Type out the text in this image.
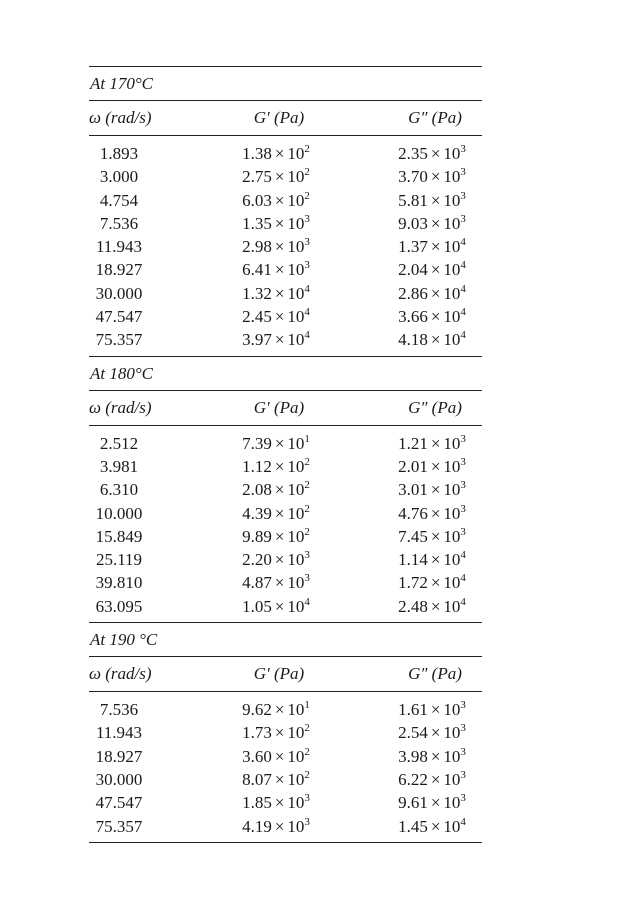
At 170°C
ω (rad/s)	G′ (Pa)	G″ (Pa)
1.893	$1.38 \times 10^2$	$2.35 \times 10^3$
3.000	$2.75 \times 10^2$	$3.70 \times 10^3$
4.754	$6.03 \times 10^2$	$5.81 \times 10^3$
7.536	$1.35 \times 10^3$	$9.03 \times 10^3$
11.943	$2.98 \times 10^3$	$1.37 \times 10^4$
18.927	$6.41 \times 10^3$	$2.04 \times 10^4$
30.000	$1.32 \times 10^4$	$2.86 \times 10^4$
47.547	$2.45 \times 10^4$	$3.66 \times 10^4$
75.357	$3.97 \times 10^4$	$4.18 \times 10^4$
At 180°C
ω (rad/s)	G′ (Pa)	G″ (Pa)
2.512	$7.39 \times 10^1$	$1.21 \times 10^3$
3.981	$1.12 \times 10^2$	$2.01 \times 10^3$
6.310	$2.08 \times 10^2$	$3.01 \times 10^3$
10.000	$4.39 \times 10^2$	$4.76 \times 10^3$
15.849	$9.89 \times 10^2$	$7.45 \times 10^3$
25.119	$2.20 \times 10^3$	$1.14 \times 10^4$
39.810	$4.87 \times 10^3$	$1.72 \times 10^4$
63.095	$1.05 \times 10^4$	$2.48 \times 10^4$
At 190 °C
ω (rad/s)	G′ (Pa)	G″ (Pa)
7.536	$9.62 \times 10^1$	$1.61 \times 10^3$
11.943	$1.73 \times 10^2$	$2.54 \times 10^3$
18.927	$3.60 \times 10^2$	$3.98 \times 10^3$
30.000	$8.07 \times 10^2$	$6.22 \times 10^3$
47.547	$1.85 \times 10^3$	$9.61 \times 10^3$
75.357	$4.19 \times 10^3$	$1.45 \times 10^4$
